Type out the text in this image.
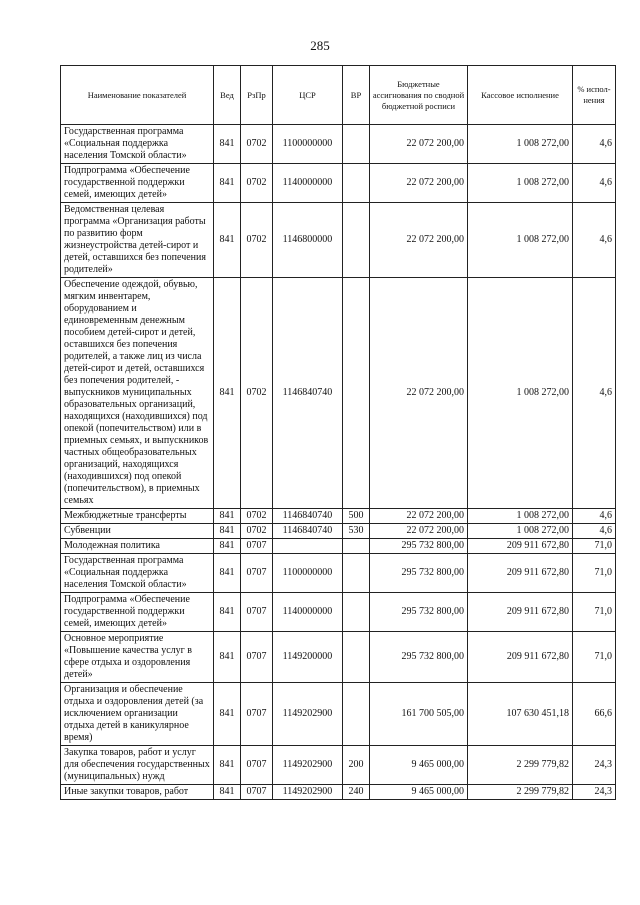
285
Наименование показателей	Вед	РзПр	ЦСР	ВР	Бюджетные ассигнования по сводной бюджетной росписи	Кассовое исполнение	% испол-нения
Государственная программа «Социальная поддержка населения Томской области»	841	0702	1100000000		22 072 200,00	1 008 272,00	4,6
Подпрограмма «Обеспечение государственной поддержки семей, имеющих детей»	841	0702	1140000000		22 072 200,00	1 008 272,00	4,6
Ведомственная целевая программа «Организация работы по развитию форм жизнеустройства детей-сирот и детей, оставшихся без попечения родителей»	841	0702	1146800000		22 072 200,00	1 008 272,00	4,6
Обеспечение одеждой, обувью, мягким инвентарем, оборудованием и единовременным денежным пособием детей-сирот и детей, оставшихся без попечения родителей, а также лиц из числа детей-сирот и детей, оставшихся без попечения родителей, - выпускников муниципальных образовательных организаций, находящихся (находившихся) под опекой (попечительством) или в приемных семьях, и выпускников частных общеобразовательных организаций, находящихся (находившихся) под опекой (попечительством), в приемных семьях	841	0702	1146840740		22 072 200,00	1 008 272,00	4,6
Межбюджетные трансферты	841	0702	1146840740	500	22 072 200,00	1 008 272,00	4,6
Субвенции	841	0702	1146840740	530	22 072 200,00	1 008 272,00	4,6
Молодежная политика	841	0707			295 732 800,00	209 911 672,80	71,0
Государственная программа «Социальная поддержка населения Томской области»	841	0707	1100000000		295 732 800,00	209 911 672,80	71,0
Подпрограмма «Обеспечение государственной поддержки семей, имеющих детей»	841	0707	1140000000		295 732 800,00	209 911 672,80	71,0
Основное мероприятие «Повышение качества услуг в сфере отдыха и оздоровления детей»	841	0707	1149200000		295 732 800,00	209 911 672,80	71,0
Организация и обеспечение отдыха и оздоровления детей (за исключением организации отдыха детей в каникулярное время)	841	0707	1149202900		161 700 505,00	107 630 451,18	66,6
Закупка товаров, работ и услуг для обеспечения государственных (муниципальных) нужд	841	0707	1149202900	200	9 465 000,00	2 299 779,82	24,3
Иные закупки товаров, работ	841	0707	1149202900	240	9 465 000,00	2 299 779,82	24,3
